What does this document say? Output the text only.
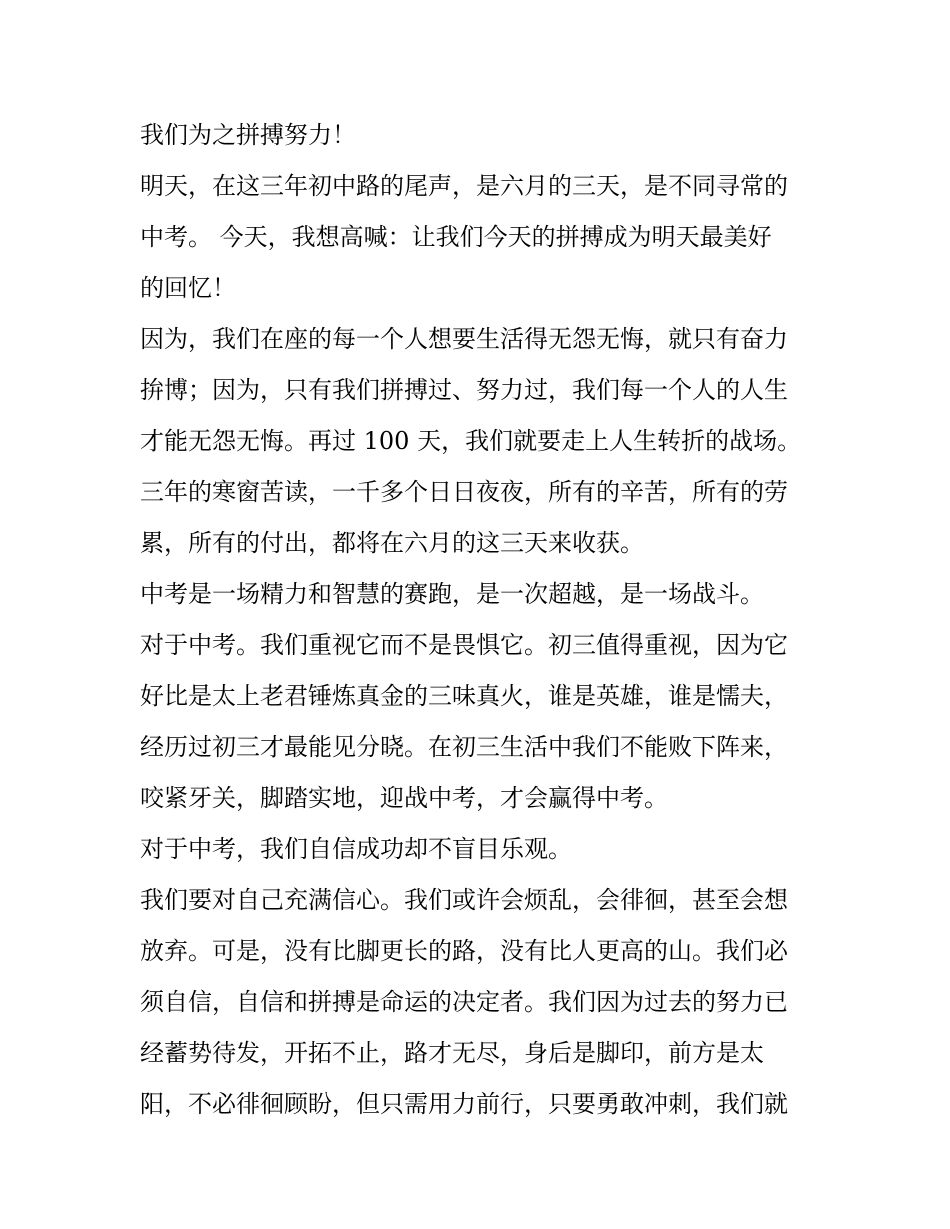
我们为之拼搏努力！
明天，在这三年初中路的尾声，是六月的三天，是不同寻常的
中考。 今天，我想高喊：让我们今天的拼搏成为明天最美好
的回忆！
因为，我们在座的每一个人想要生活得无怨无悔，就只有奋力
拚博；因为，只有我们拼搏过、努力过，我们每一个人的人生
才能无怨无悔。再过 100 天，我们就要走上人生转折的战场。
三年的寒窗苦读，一千多个日日夜夜，所有的辛苦，所有的劳
累，所有的付出，都将在六月的这三天来收获。
中考是一场精力和智慧的赛跑，是一次超越，是一场战斗。
对于中考。我们重视它而不是畏惧它。初三值得重视，因为它
好比是太上老君锤炼真金的三味真火，谁是英雄，谁是懦夫，
经历过初三才最能见分晓。在初三生活中我们不能败下阵来，
咬紧牙关，脚踏实地，迎战中考，才会赢得中考。
对于中考，我们自信成功却不盲目乐观。
我们要对自己充满信心。我们或许会烦乱，会徘徊，甚至会想
放弃。可是，没有比脚更长的路，没有比人更高的山。我们必
须自信，自信和拼搏是命运的决定者。我们因为过去的努力已
经蓄势待发，开拓不止，路才无尽，身后是脚印，前方是太
阳，不必徘徊顾盼，但只需用力前行，只要勇敢冲刺，我们就
